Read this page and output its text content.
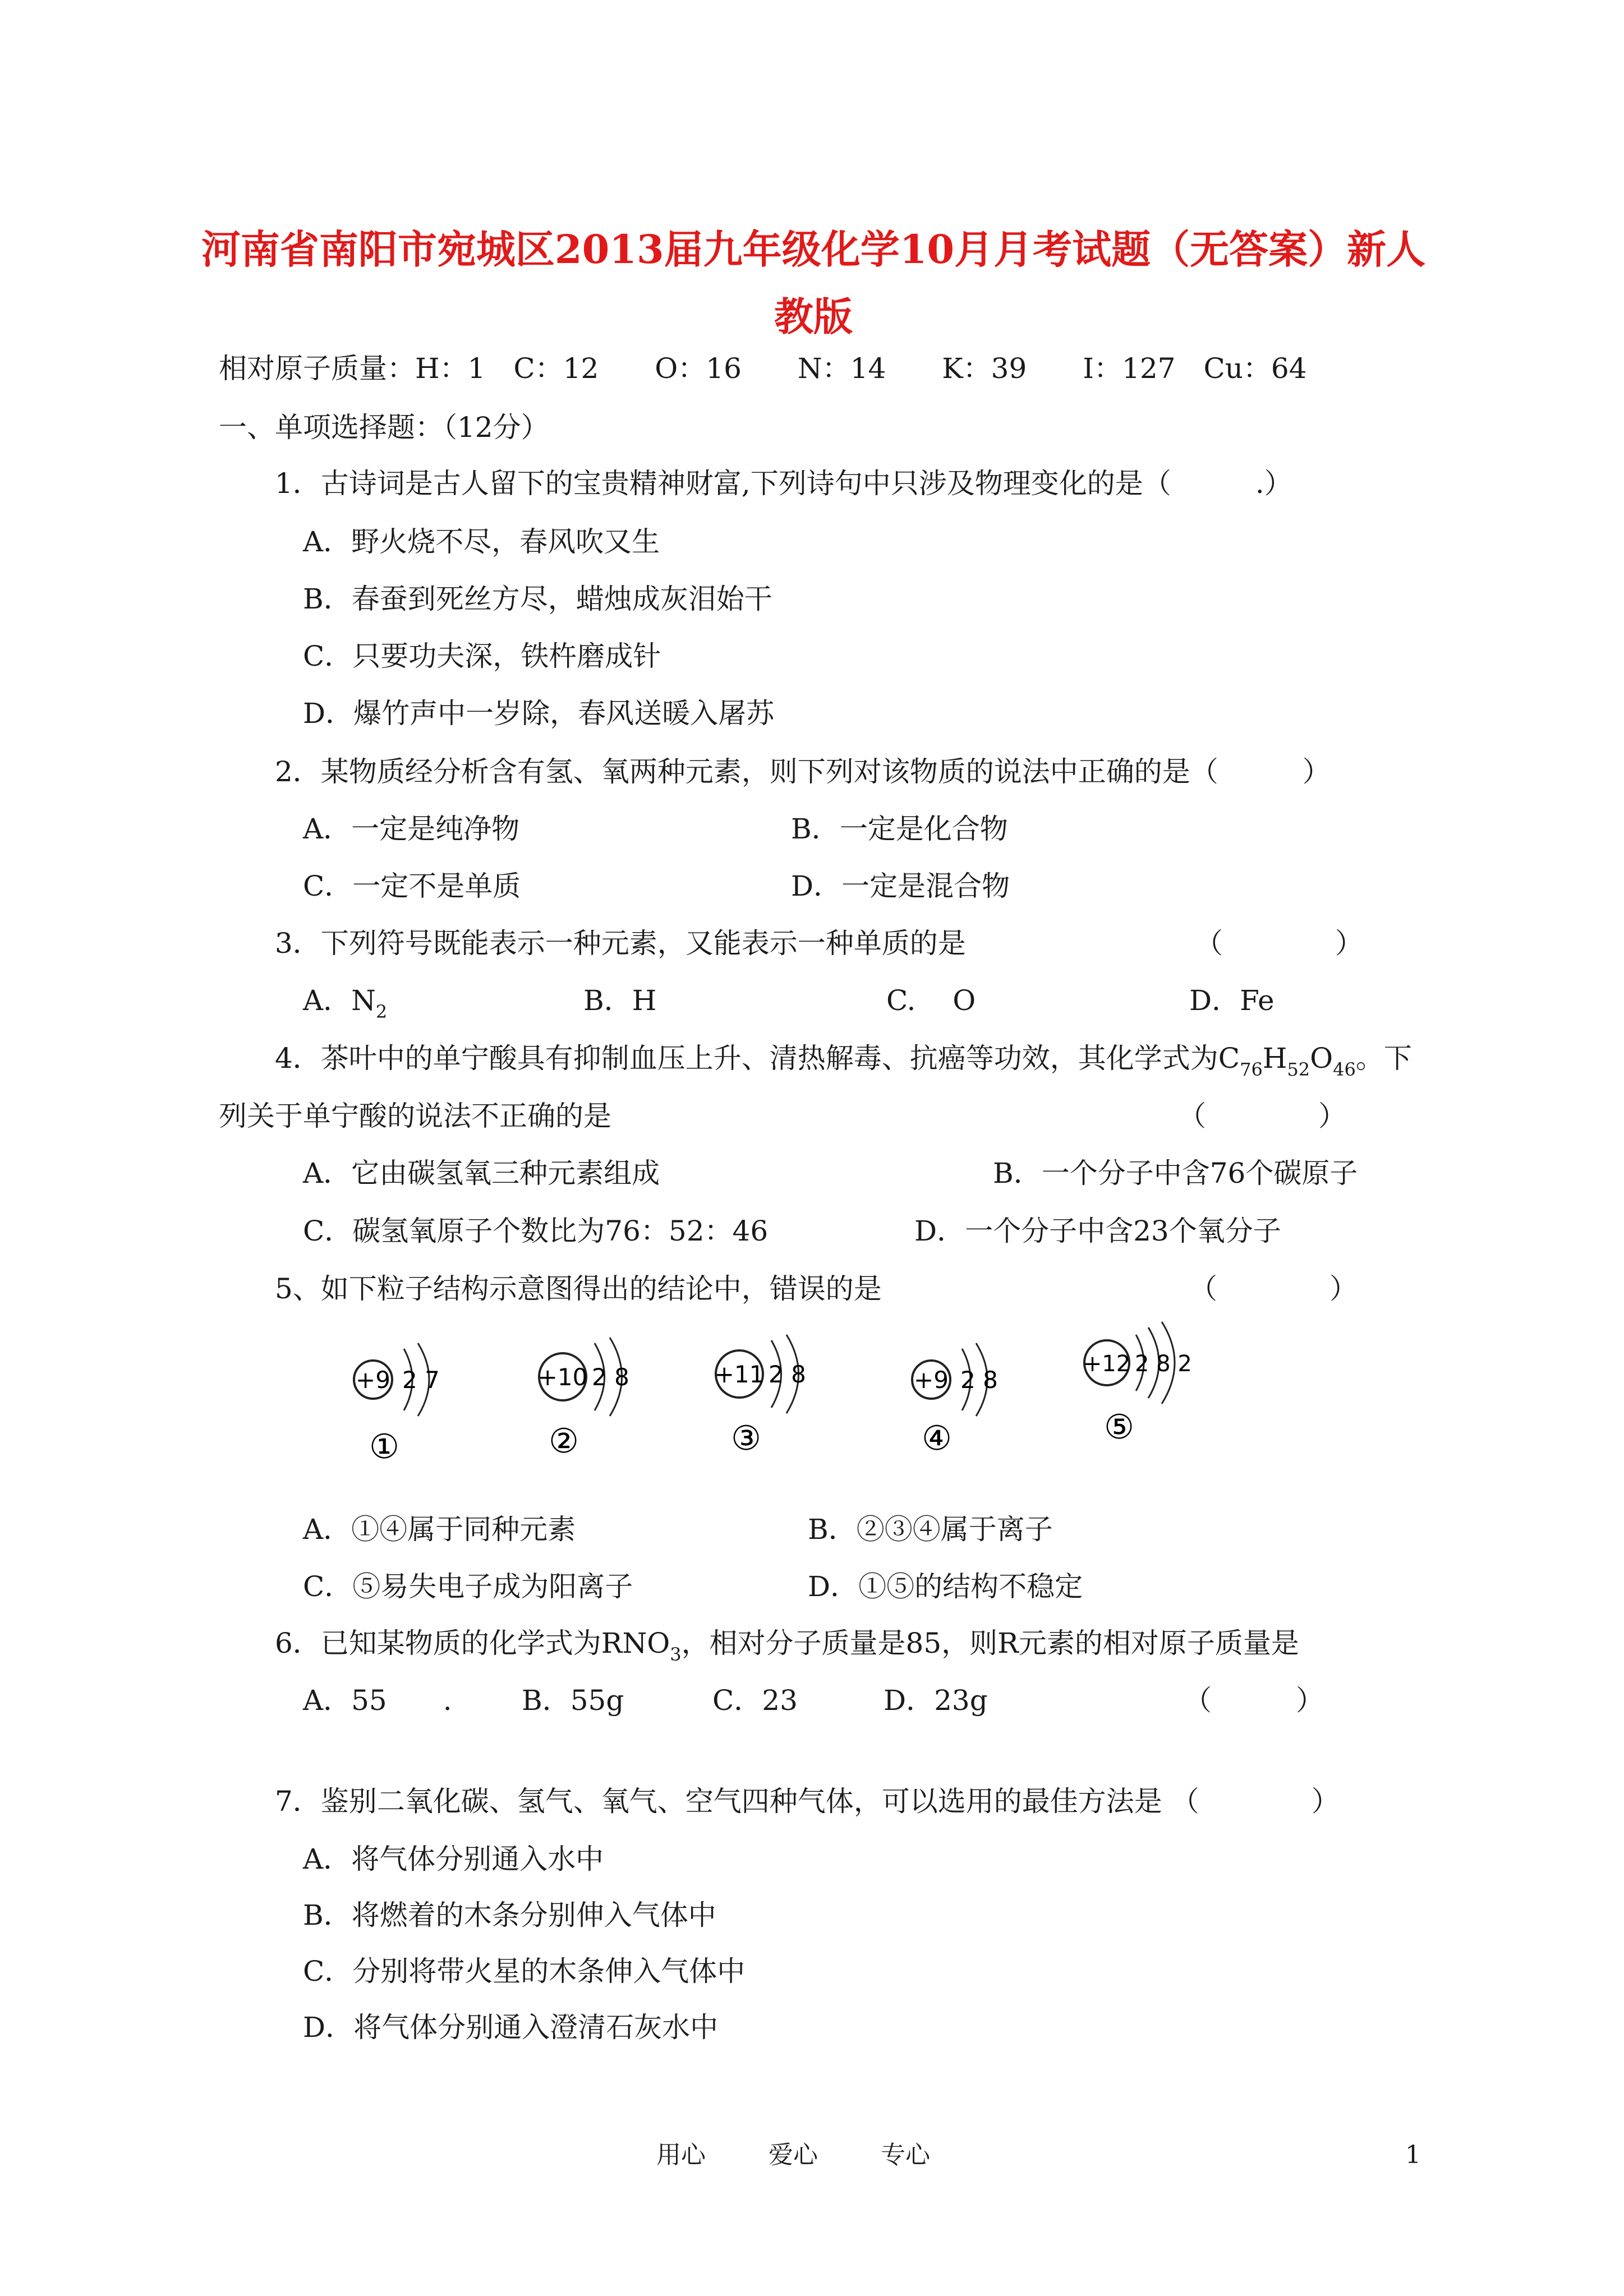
河南省南阳市宛城区2013届九年级化学10月月考试题（无答案）新人教版
相对原子质量：H：1　C：12　　O：16　　N：14　　K：39　　I：127　Cu：64
一、单项选择题：（12分）
1．古诗词是古人留下的宝贵精神财富,下列诗句中只涉及物理变化的是（　　　.）
A．野火烧不尽，春风吹又生
B．春蚕到死丝方尽，蜡烛成灰泪始干
C．只要功夫深，铁杵磨成针
D．爆竹声中一岁除，春风送暖入屠苏
2．某物质经分析含有氢、氧两种元素，则下列对该物质的说法中正确的是（　　　）
A．一定是纯净物	B．一定是化合物
C．一定不是单质	D．一定是混合物
3．下列符号既能表示一种元素，又能表示一种单质的是	（　　　　）
A．$N_2$	B．H	C.　 O	D．Fe
4．茶叶中的单宁酸具有抑制血压上升、清热解毒、抗癌等功效，其化学式为$C_{76}H_{52}O_{46}$。下
列关于单宁酸的说法不正确的是	（　　　　）
A．它由碳氢氧三种元素组成	B．一个分子中含76个碳原子
C．碳氢氧原子个数比为76：52：46	D．一个分子中含23个氧分子
5、如下粒子结构示意图得出的结论中，错误的是	（　　　　）
+9 2 7
①
+10 2 8
②
+11 2 8
③
+9 2 8
④
+12 2 8 2
⑤
A．①④属于同种元素	B．②③④属于离子
C．⑤易失电子成为阳离子	D．①⑤的结构不稳定
6．已知某物质的化学式为$RNO_3$，相对分子质量是85，则R元素的相对原子质量是
A．55　　. B．55g	C．23	D．23g	（　　　）
7．鉴别二氧化碳、氢气、氧气、空气四种气体，可以选用的最佳方法是 （　　　　）
A．将气体分别通入水中
B．将燃着的木条分别伸入气体中
C．分别将带火星的木条伸入气体中
D．将气体分别通入澄清石灰水中
用心	爱心	专心	1
